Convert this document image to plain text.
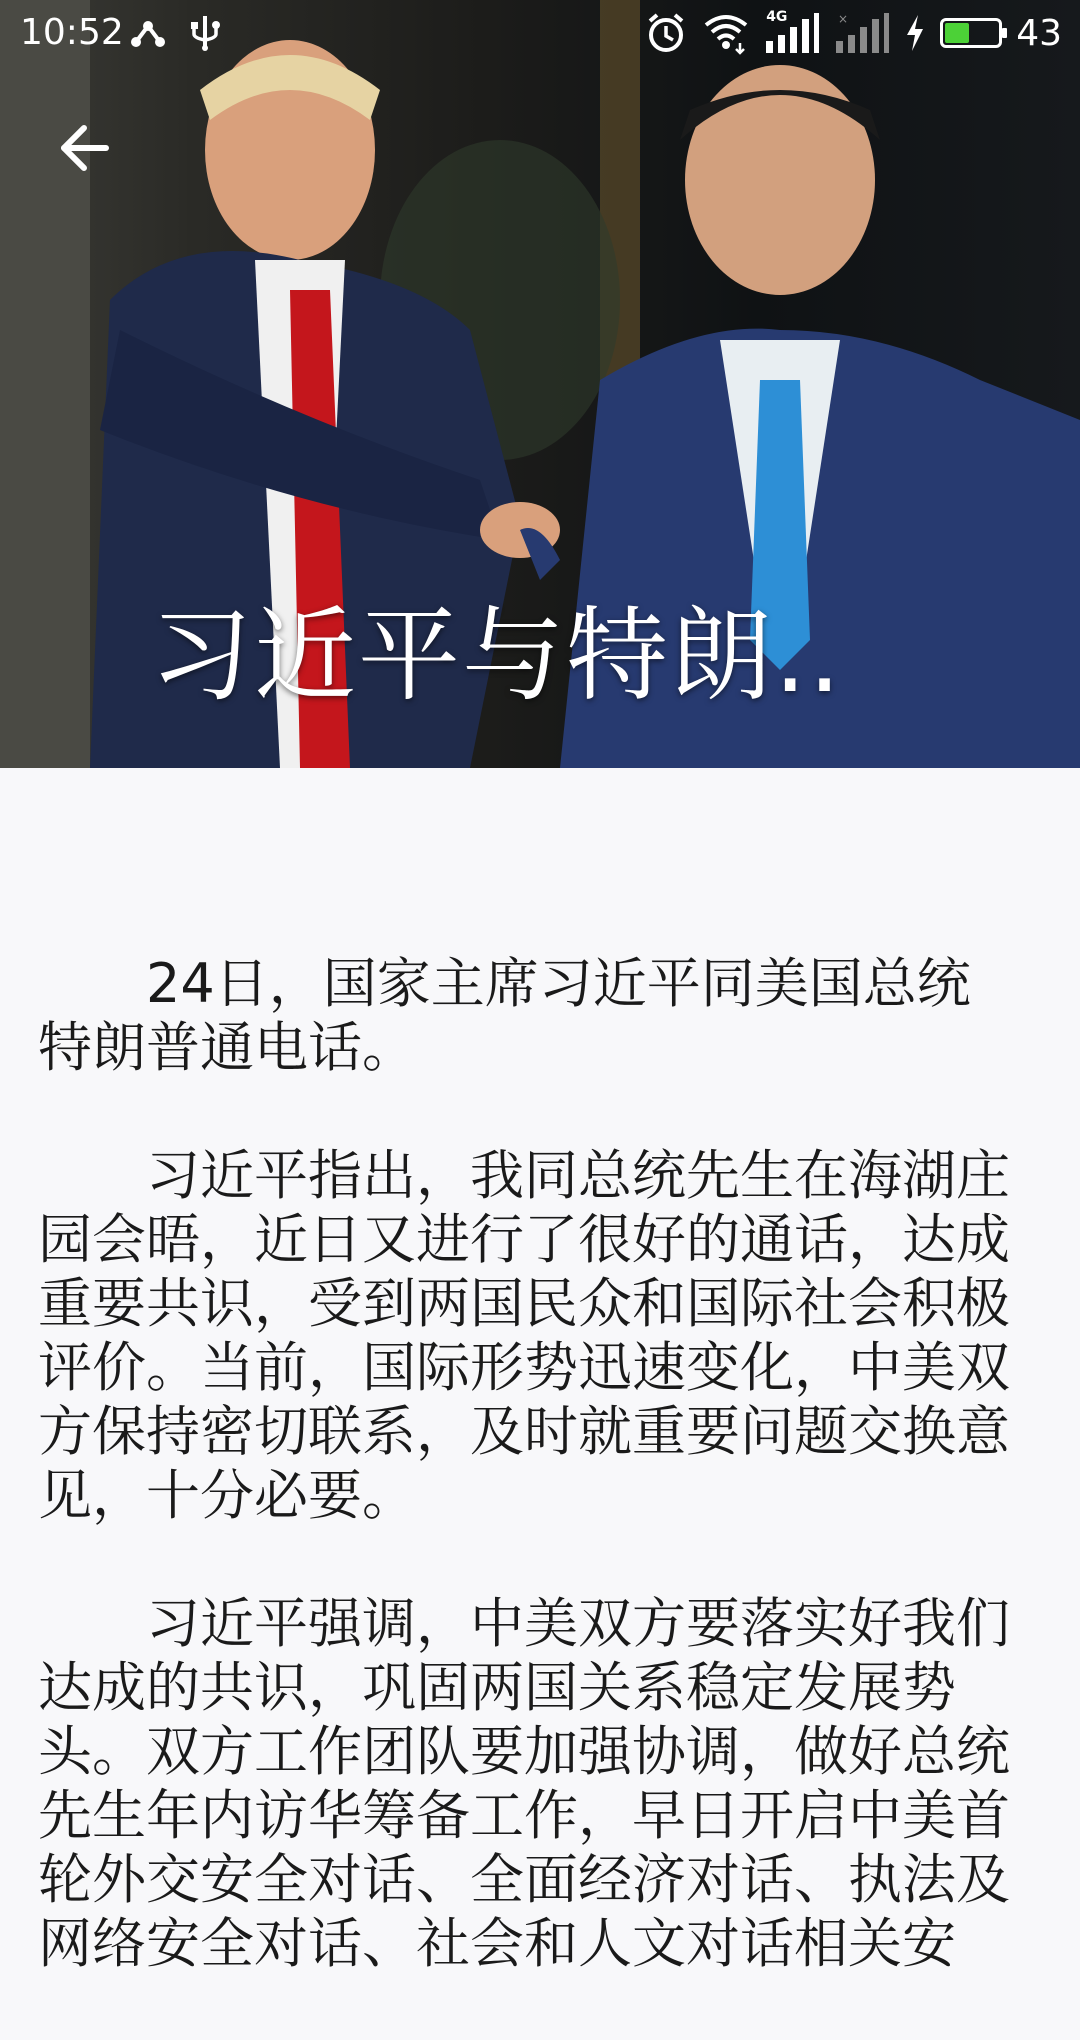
习近平与特朗..
10:52	4G	×	43

24日，国家主席习近平同美国总统特朗普通电话。

习近平指出，我同总统先生在海湖庄园会晤，近日又进行了很好的通话，达成重要共识，受到两国民众和国际社会积极评价。当前，国际形势迅速变化，中美双方保持密切联系，及时就重要问题交换意见，十分必要。

习近平强调，中美双方要落实好我们达成的共识，巩固两国关系稳定发展势头。双方工作团队要加强协调，做好总统先生年内访华筹备工作，早日开启中美首轮外交安全对话、全面经济对话、执法及网络安全对话、社会和人文对话相关安
